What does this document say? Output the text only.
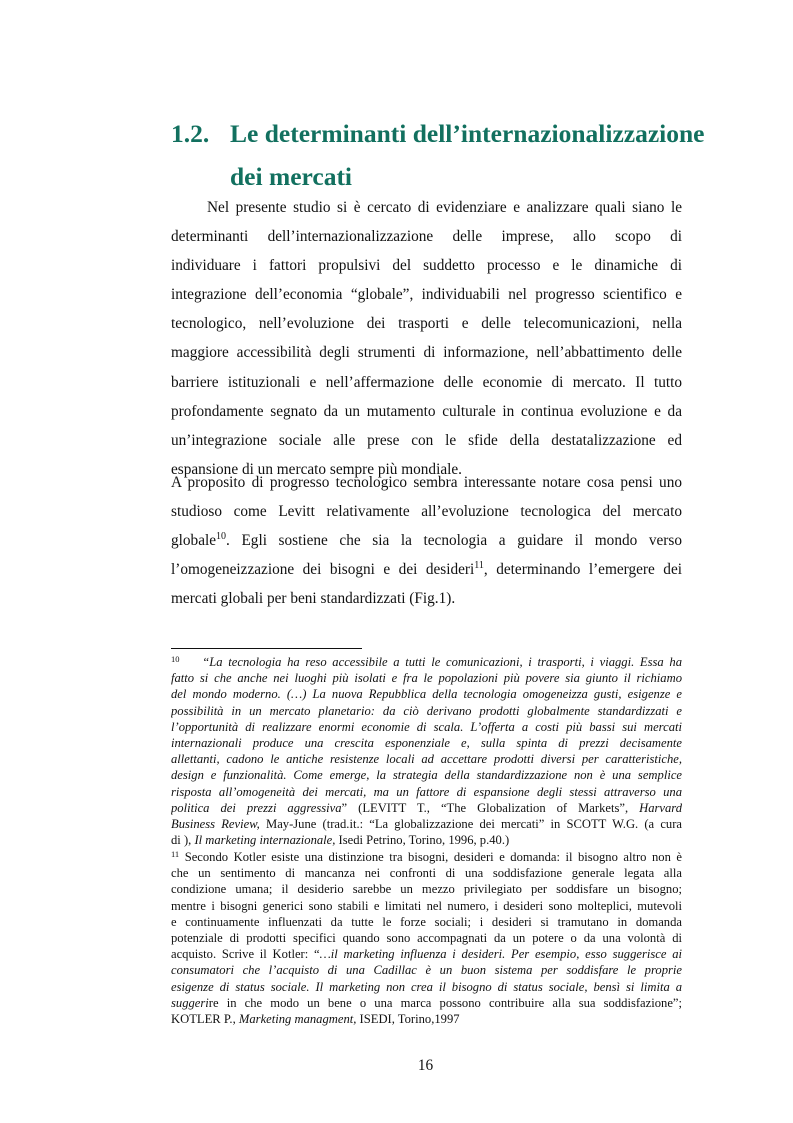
1.2. Le determinanti dell’internazionalizzazione
dei mercati
Nel presente studio si è cercato di evidenziare e analizzare quali siano le
determinanti dell’internazionalizzazione delle imprese, allo scopo di
individuare i fattori propulsivi del suddetto processo e le dinamiche di
integrazione dell’economia “globale”, individuabili nel progresso scientifico e
tecnologico, nell’evoluzione dei trasporti e delle telecomunicazioni, nella
maggiore accessibilità degli strumenti di informazione, nell’abbattimento delle
barriere istituzionali e nell’affermazione delle economie di mercato. Il tutto
profondamente segnato da un mutamento culturale in continua evoluzione e da
un’integrazione sociale alle prese con le sfide della destatalizzazione ed
espansione di un mercato sempre più mondiale.
A proposito di progresso tecnologico sembra interessante notare cosa pensi uno
studioso come Levitt relativamente all’evoluzione tecnologica del mercato
globale$^{10}$. Egli sostiene che sia la tecnologia a guidare il mondo verso
l’omogeneizzazione dei bisogni e dei desideri$^{11}$, determinando l’emergere dei
mercati globali per beni standardizzati (Fig.1).
$^{10}$ “La tecnologia ha reso accessibile a tutti le comunicazioni, i trasporti, i viaggi. Essa ha
fatto si che anche nei luoghi più isolati e fra le popolazioni più povere sia giunto il richiamo
del mondo moderno. (…) La nuova Repubblica della tecnologia omogeneizza gusti, esigenze e
possibilità in un mercato planetario: da ciò derivano prodotti globalmente standardizzati e
l’opportunità di realizzare enormi economie di scala. L’offerta a costi più bassi sui mercati
internazionali produce una crescita esponenziale e, sulla spinta di prezzi decisamente
allettanti, cadono le antiche resistenze locali ad accettare prodotti diversi per caratteristiche,
design e funzionalità. Come emerge, la strategia della standardizzazione non è una semplice
risposta all’omogeneità dei mercati, ma un fattore di espansione degli stessi attraverso una
politica dei prezzi aggressiva” (LEVITT T., “The Globalization of Markets”, Harvard
Business Review, May-June (trad.it.: “La globalizzazione dei mercati” in SCOTT W.G. (a cura
di ), Il marketing internazionale, Isedi Petrino, Torino, 1996, p.40.)
$^{11}$ Secondo Kotler esiste una distinzione tra bisogni, desideri e domanda: il bisogno altro non è
che un sentimento di mancanza nei confronti di una soddisfazione generale legata alla
condizione umana; il desiderio sarebbe un mezzo privilegiato per soddisfare un bisogno;
mentre i bisogni generici sono stabili e limitati nel numero, i desideri sono molteplici, mutevoli
e continuamente influenzati da tutte le forze sociali; i desideri si tramutano in domanda
potenziale di prodotti specifici quando sono accompagnati da un potere o da una volontà di
acquisto. Scrive il Kotler: “…il marketing influenza i desideri. Per esempio, esso suggerisce ai
consumatori che l’acquisto di una Cadillac è un buon sistema per soddisfare le proprie
esigenze di status sociale. Il marketing non crea il bisogno di status sociale, bensì si limita a
suggerire in che modo un bene o una marca possono contribuire alla sua soddisfazione”;
KOTLER P., Marketing managment, ISEDI, Torino,1997
16
